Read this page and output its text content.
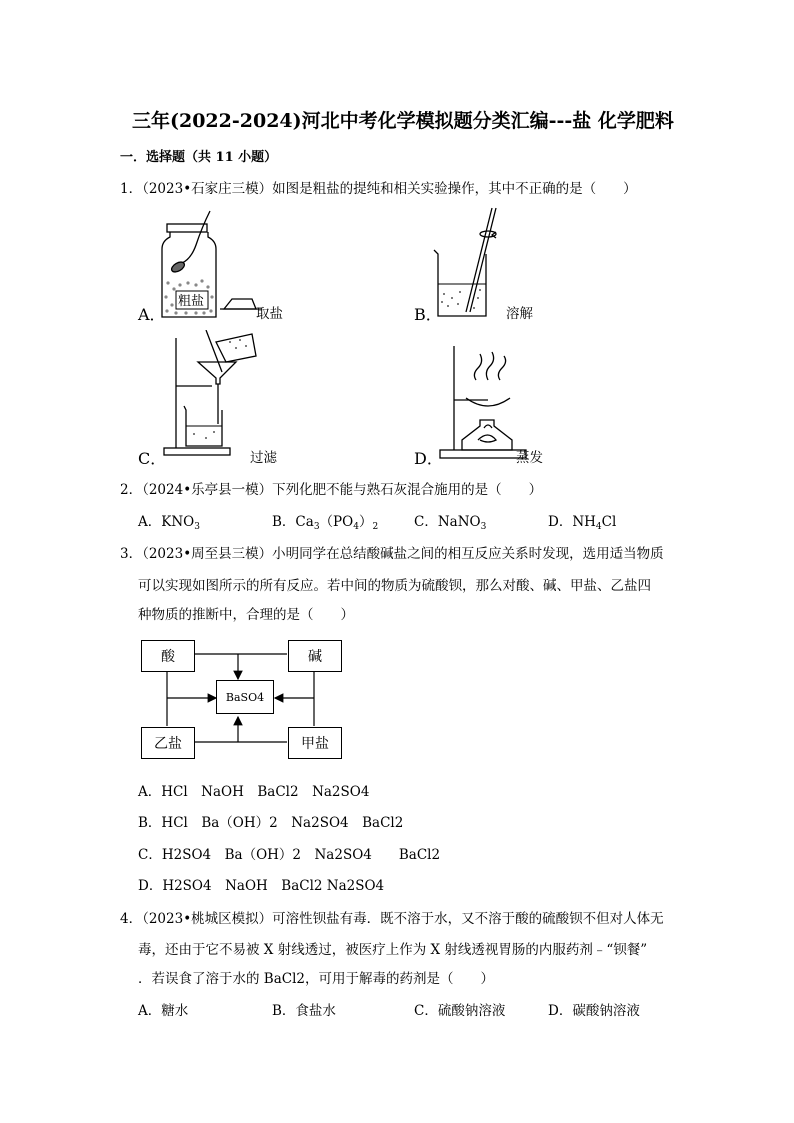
三年(2022-2024)河北中考化学模拟题分类汇编---盐 化学肥料
一．选择题（共 11 小题）
1．（2023•石家庄三模）如图是粗盐的提纯和相关实验操作，其中不正确的是（　　）
A．
粗盐
取盐	B．	溶解
C．	过滤	D．	蒸发
2．（2024•乐亭县一模）下列化肥不能与熟石灰混合施用的是（　　）
A．$KNO_3$	B．$Ca_3(PO_4)_2$	C．NaNO$_3$	D．$NH_4Cl$
3．（2023•周至县三模）小明同学在总结酸碱盐之间的相互反应关系时发现，选用适当物质
可以实现如图所示的所有反应。若中间的物质为硫酸钡，那么对酸、碱、甲盐、乙盐四
种物质的推断中，合理的是（　　）
酸	碱
BaSO4
乙盐	甲盐
A．HCl　NaOH　BaCl2　Na2SO4
B．HCl　Ba（OH）2　Na2SO4　BaCl2
C．H2SO4　Ba（OH）2　Na2SO4　　BaCl2
D．H2SO4　NaOH　BaCl2 Na2SO4
4．（2023•桃城区模拟）可溶性钡盐有毒．既不溶于水，又不溶于酸的硫酸钡不但对人体无
毒，还由于它不易被 X 射线透过，被医疗上作为 X 射线透视胃肠的内服药剂﹣“钡餐”
．若误食了溶于水的 BaCl2，可用于解毒的药剂是（　　）
A．糖水	B．食盐水	C．硫酸钠溶液	D．碳酸钠溶液
